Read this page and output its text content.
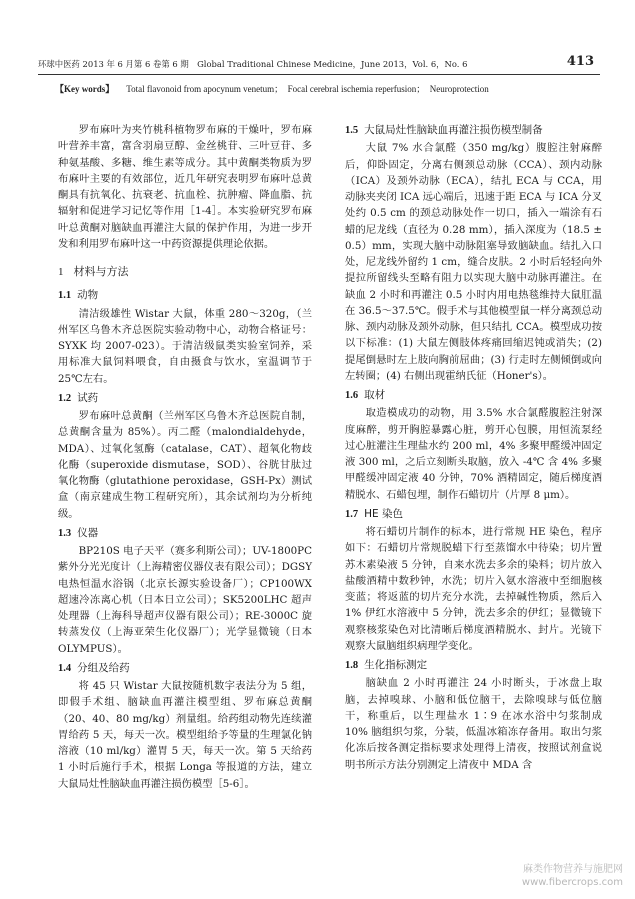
环球中医药 2013 年 6 月第 6 卷第 6 期　Global Traditional Chinese Medicine，June 2013，Vol. 6，No. 6	413
【Key words】 Total flavonoid from apocynum venetum；　Focal cerebral ischemia reperfusion；　Neuroprotection

罗布麻叶为夹竹桃科植物罗布麻的干燥叶，罗布麻叶营养丰富，富含羽扇豆醇、金丝桃苷、三叶豆苷、多种氨基酸、多糖、维生素等成分。其中黄酮类物质为罗布麻叶主要的有效部位，近几年研究表明罗布麻叶总黄酮具有抗氧化、抗衰老、抗血栓、抗肿瘤、降血脂、抗辐射和促进学习记忆等作用［1-4］。本实验研究罗布麻叶总黄酮对脑缺血再灌注大鼠的保护作用，为进一步开发和利用罗布麻叶这一中药资源提供理论依据。

1 材料与方法
1.1 动物

清洁级雄性 Wistar 大鼠，体重 280～320g，（兰州军区乌鲁木齐总医院实验动物中心，动物合格证号：SYXK 均 2007-023）。于清洁级鼠类实验室饲养，采用标准大鼠饲料喂食，自由摄食与饮水，室温调节于 25℃左右。

1.2 试药

罗布麻叶总黄酮（兰州军区乌鲁木齐总医院自制，总黄酮含量为 85%）。丙二醛（malondialdehyde，MDA）、过氧化氢酶（catalase，CAT）、超氧化物歧化酶（superoxide dismutase，SOD）、谷胱甘肽过氧化物酶（glutathione peroxidase，GSH-Px）测试盒（南京建成生物工程研究所），其余试剂均为分析纯级。

1.3 仪器

BP210S 电子天平（赛多利斯公司）；UV-1800PC 紫外分光光度计（上海精密仪器仪表有限公司）；DGSY 电热恒温水浴锅（北京长源实验设备厂）；CP100WX 超速冷冻离心机（日本日立公司）；SK5200LHC 超声处理器（上海科导超声仪器有限公司）；RE-3000C 旋转蒸发仪（上海亚荣生化仪器厂）；光学显微镜（日本 OLYMPUS）。

1.4 分组及给药

将 45 只 Wistar 大鼠按随机数字表法分为 5 组，即假手术组、脑缺血再灌注模型组、罗布麻总黄酮（20、40、80 mg/kg）剂量组。给药组动物先连续灌胃给药 5 天，每天一次。模型组给予等量的生理氯化钠溶液（10 ml/kg）灌胃 5 天，每天一次。第 5 天给药 1 小时后施行手术，根据 Longa 等报道的方法，建立大鼠局灶性脑缺血再灌注损伤模型［5-6］。

1.5 大鼠局灶性脑缺血再灌注损伤模型制备

大鼠 7% 水合氯醛（350 mg/kg）腹腔注射麻醉后，仰卧固定，分离右侧颈总动脉（CCA）、颈内动脉（ICA）及颈外动脉（ECA），结扎 ECA 与 CCA，用动脉夹夹闭 ICA 远心端后，迅速于距 ECA 与 ICA 分叉处约 0.5 cm 的颈总动脉处作一切口，插入一端涂有石蜡的尼龙线（直径为 0.28 mm），插入深度为（18.5 ± 0.5）mm，实现大脑中动脉阻塞导致脑缺血。结扎入口处，尼龙线外留约 1 cm，缝合皮肤。2 小时后轻轻向外提拉所留线头至略有阻力以实现大脑中动脉再灌注。在缺血 2 小时和再灌注 0.5 小时内用电热毯维持大鼠肛温在 36.5～37.5℃。假手术与其他模型鼠一样分离颈总动脉、颈内动脉及颈外动脉，但只结扎 CCA。模型成功按以下标准：(1) 大鼠左侧肢体疼痛回缩迟钝或消失；(2) 提尾倒悬时左上肢向胸前屈曲；(3) 行走时左侧倾倒或向左转圈；(4) 右侧出现霍纳氏征（Honer's）。

1.6 取材

取造模成功的动物，用 3.5% 水合氯醛腹腔注射深度麻醉，剪开胸腔暴露心脏，剪开心包膜，用恒流泵经过心脏灌注生理盐水约 200 ml，4% 多聚甲醛缓冲固定液 300 ml，之后立刻断头取脑，放入 -4℃ 含 4% 多聚甲醛缓冲固定液 40 分钟，70% 酒精固定，随后梯度酒精脱水、石蜡包埋，制作石蜡切片（片厚 8 μm）。

1.7 HE 染色

将石蜡切片制作的标本，进行常规 HE 染色，程序如下：石蜡切片常规脱蜡下行至蒸馏水中待染；切片置苏木素染液 5 分钟，自来水洗去多余的染料；切片放入盐酸酒精中数秒钟，水洗；切片入氨水溶液中至细胞核变蓝；将返蓝的切片充分水洗，去掉碱性物质，然后入 1% 伊红水溶液中 5 分钟，洗去多余的伊红；显微镜下观察核浆染色对比清晰后梯度酒精脱水、封片。光镜下观察大鼠脑组织病理学变化。

1.8 生化指标测定

脑缺血 2 小时再灌注 24 小时断头，于冰盘上取脑，去掉嗅球、小脑和低位脑干，去除嗅球与低位脑干，称重后，以生理盐水 1∶9 在冰水浴中匀浆制成 10% 脑组织匀浆，分装，低温冰箱冻存备用。取出匀浆化冻后按各测定指标要求处理得上清夜，按照试剂盒说明书所示方法分别测定上清夜中 MDA 含

麻类作物营养与施肥网
www.fibercrops.com
